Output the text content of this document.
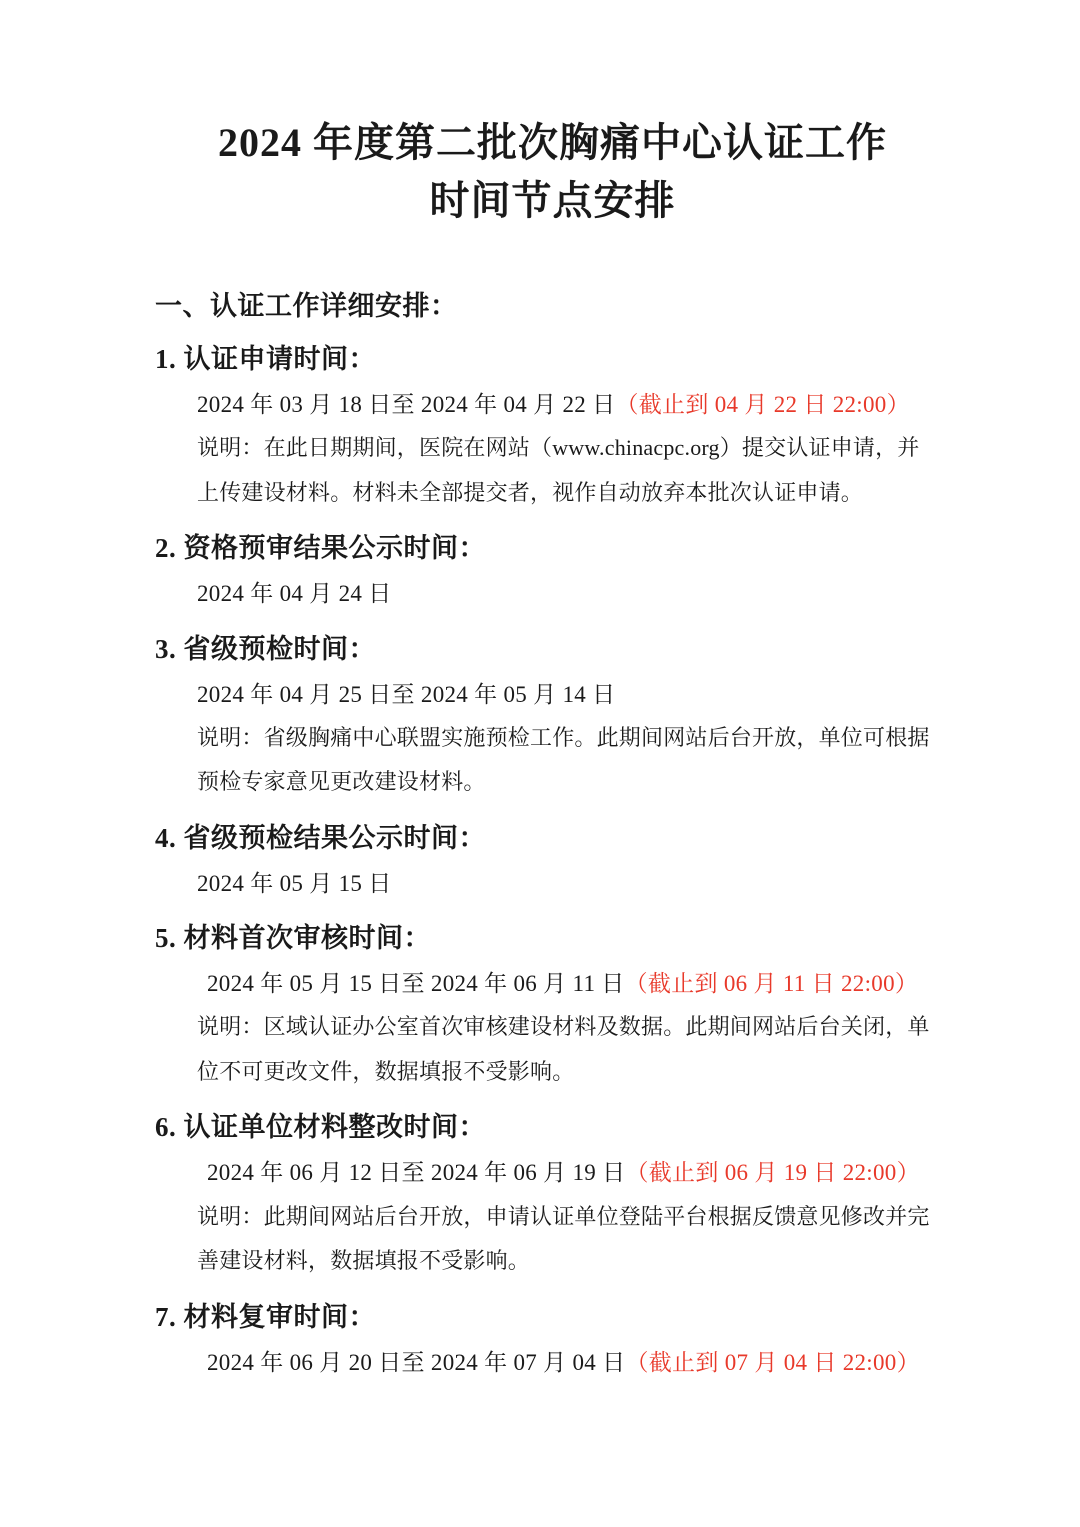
2024 年度第二批次胸痛中心认证工作
时间节点安排
一、认证工作详细安排：
1. 认证申请时间：
2024 年 03 月 18 日至 2024 年 04 月 22 日（截止到 04 月 22 日 22:00）
说明：在此日期期间，医院在网站（www.chinacpc.org）提交认证申请，并
上传建设材料。材料未全部提交者，视作自动放弃本批次认证申请。
2. 资格预审结果公示时间：
2024 年 04 月 24 日
3. 省级预检时间：
2024 年 04 月 25 日至 2024 年 05 月 14 日
说明：省级胸痛中心联盟实施预检工作。此期间网站后台开放，单位可根据
预检专家意见更改建设材料。
4. 省级预检结果公示时间：
2024 年 05 月 15 日
5. 材料首次审核时间：
2024 年 05 月 15 日至 2024 年 06 月 11 日（截止到 06 月 11 日 22:00）
说明：区域认证办公室首次审核建设材料及数据。此期间网站后台关闭，单
位不可更改文件，数据填报不受影响。
6. 认证单位材料整改时间：
2024 年 06 月 12 日至 2024 年 06 月 19 日（截止到 06 月 19 日 22:00）
说明：此期间网站后台开放，申请认证单位登陆平台根据反馈意见修改并完
善建设材料，数据填报不受影响。
7. 材料复审时间：
2024 年 06 月 20 日至 2024 年 07 月 04 日（截止到 07 月 04 日 22:00）
